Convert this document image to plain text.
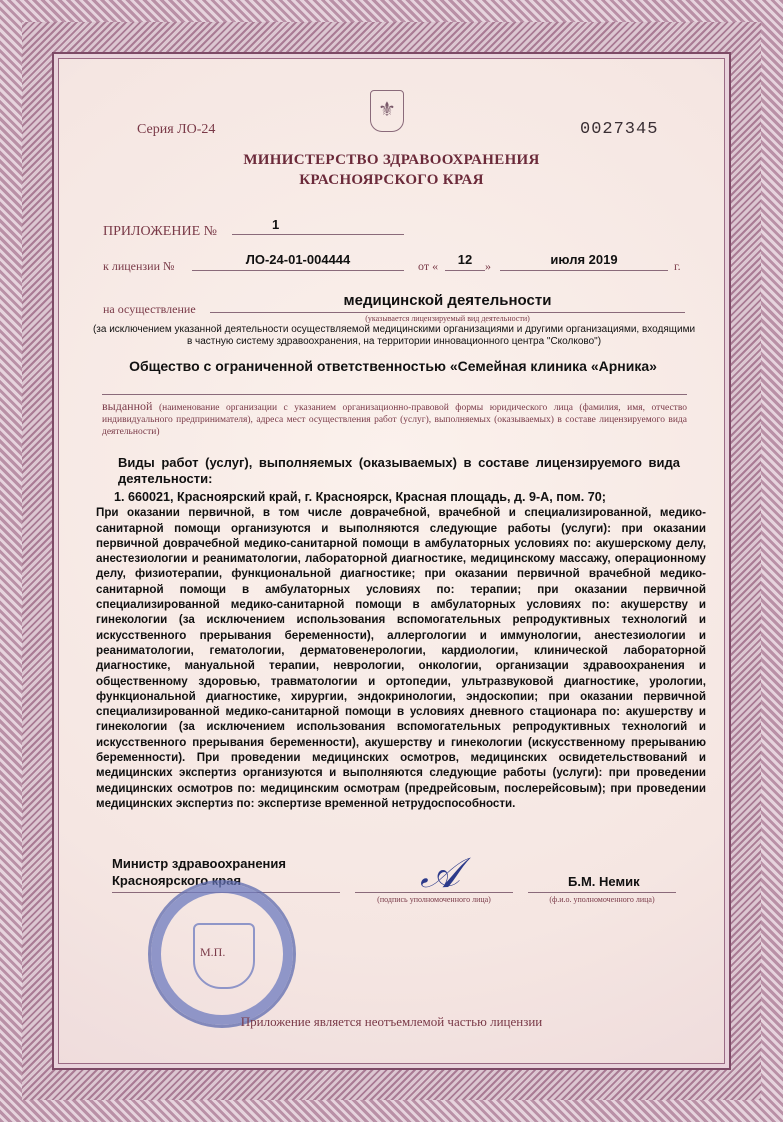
⚜
Серия ЛО-24	0027345
МИНИСТЕРСТВО ЗДРАВООХРАНЕНИЯ
КРАСНОЯРСКОГО КРАЯ
ПРИЛОЖЕНИЕ №	1
к лицензии №	ЛО-24-01-004444	от «	12	»	июля 2019	г.
на осуществление	медицинской деятельности
(указывается лицензируемый вид деятельности)
(за исключением указанной деятельности осуществляемой медицинскими организациями и другими организациями, входящими в частную систему здравоохранения, на территории инновационного центра "Сколково")
Общество с ограниченной ответственностью «Семейная клиника «Арника»
выданной (наименование организации с указанием организационно-правовой формы юридического лица (фамилия, имя, отчество индивидуального предпринимателя), адреса мест осуществления работ (услуг), выполняемых (оказываемых) в составе лицензируемого вида деятельности)
Виды работ (услуг), выполняемых (оказываемых) в составе лицензируемого вида деятельности:
1. 660021, Красноярский край, г. Красноярск, Красная площадь, д. 9-А, пом. 70;
При оказании первичной, в том числе доврачебной, врачебной и специализированной, медико-санитарной помощи организуются и выполняются следующие работы (услуги): при оказании первичной доврачебной медико-санитарной помощи в амбулаторных условиях по: акушерскому делу, анестезиологии и реаниматологии, лабораторной диагностике, медицинскому массажу, операционному делу, физиотерапии, функциональной диагностике; при оказании первичной врачебной медико-санитарной помощи в амбулаторных условиях по: терапии; при оказании первичной специализированной медико-санитарной помощи в амбулаторных условиях по: акушерству и гинекологии (за исключением использования вспомогательных репродуктивных технологий и искусственного прерывания беременности), аллергологии и иммунологии, анестезиологии и реаниматологии, гематологии, дерматовенерологии, кардиологии, клинической лабораторной диагностике, мануальной терапии, неврологии, онкологии, организации здравоохранения и общественному здоровью, травматологии и ортопедии, ультразвуковой диагностике, урологии, функциональной диагностике, хирургии, эндокринологии, эндоскопии; при оказании первичной специализированной медико-санитарной помощи в условиях дневного стационара по: акушерству и гинекологии (за исключением использования вспомогательных репродуктивных технологий и искусственного прерывания беременности), акушерству и гинекологии (искусственному прерыванию беременности). При проведении медицинских осмотров, медицинских освидетельствований и медицинских экспертиз организуются и выполняются следующие работы (услуги): при проведении медицинских осмотров по: медицинским осмотрам (предрейсовым, послерейсовым); при проведении медицинских экспертиз по: экспертизе временной нетрудоспособности.
Министр здравоохранения
Красноярского края	𝒜
(подпись уполномоченного лица)
Б.М. Немик
(ф.и.о. уполномоченного лица)
М.П.
Приложение является неотъемлемой частью лицензии
